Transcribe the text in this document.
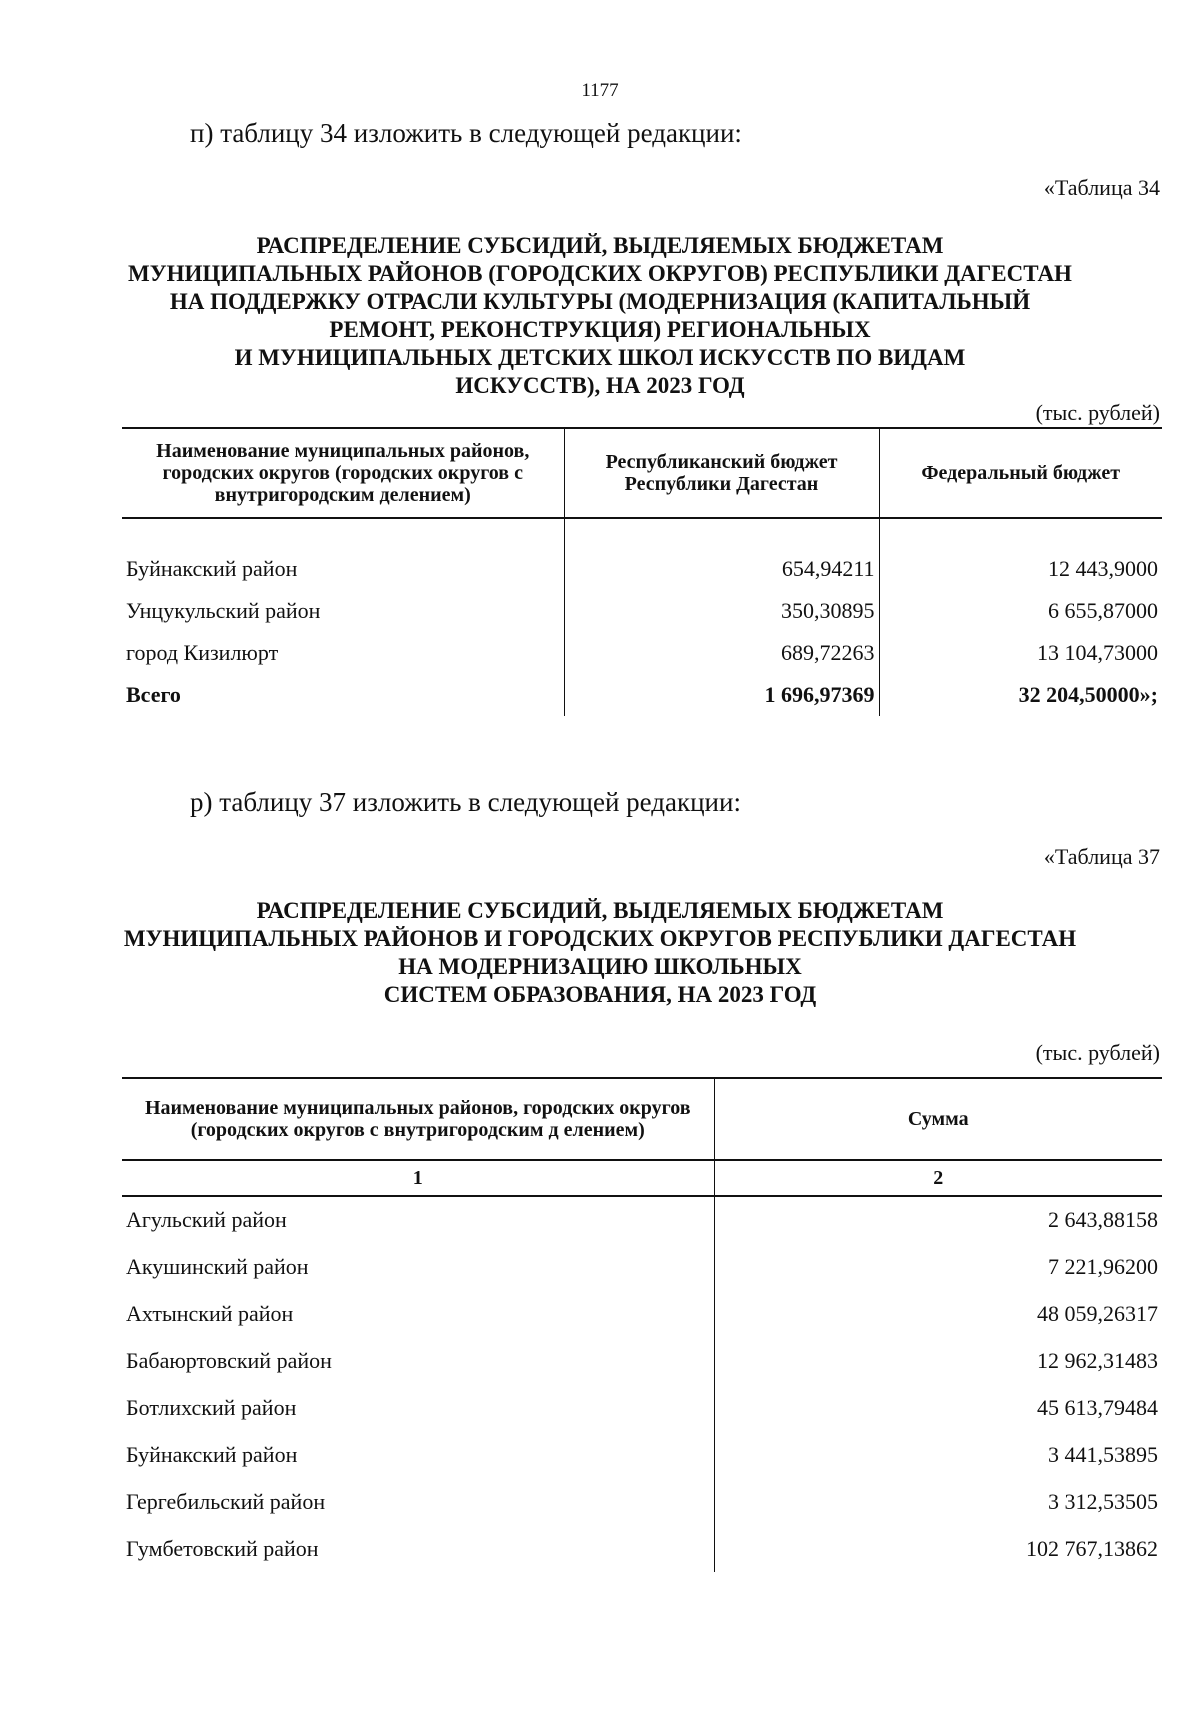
1177
п) таблицу 34 изложить в следующей редакции:
«Таблица 34
РАСПРЕДЕЛЕНИЕ СУБСИДИЙ, ВЫДЕЛЯЕМЫХ БЮДЖЕТАМ
МУНИЦИПАЛЬНЫХ РАЙОНОВ (ГОРОДСКИХ ОКРУГОВ) РЕСПУБЛИКИ ДАГЕСТАН
НА ПОДДЕРЖКУ ОТРАСЛИ КУЛЬТУРЫ (МОДЕРНИЗАЦИЯ (КАПИТАЛЬНЫЙ
РЕМОНТ, РЕКОНСТРУКЦИЯ) РЕГИОНАЛЬНЫХ
И МУНИЦИПАЛЬНЫХ ДЕТСКИХ ШКОЛ ИСКУССТВ ПО ВИДАМ
ИСКУССТВ), НА 2023 ГОД
(тыс. рублей)
Наименование муниципальных районов, городских округов (городских округов с внутригородским делением)	Республиканский бюджет Республики Дагестан	Федеральный бюджет

Буйнакский район	654,94211	12 443,9000
Унцукульский район	350,30895	6 655,87000
город Кизилюрт	689,72263	13 104,73000
Всего	1 696,97369	32 204,50000»;
р) таблицу 37 изложить в следующей редакции:
«Таблица 37
РАСПРЕДЕЛЕНИЕ СУБСИДИЙ, ВЫДЕЛЯЕМЫХ БЮДЖЕТАМ
МУНИЦИПАЛЬНЫХ РАЙОНОВ И ГОРОДСКИХ ОКРУГОВ РЕСПУБЛИКИ ДАГЕСТАН
НА МОДЕРНИЗАЦИЮ ШКОЛЬНЫХ
СИСТЕМ ОБРАЗОВАНИЯ, НА 2023 ГОД
(тыс. рублей)
Наименование муниципальных районов, городских округов (городских округов с внутригородским д елением)	Сумма
1	2
Агульский район	2 643,88158
Акушинский район	7 221,96200
Ахтынский район	48 059,26317
Бабаюртовский район	12 962,31483
Ботлихский район	45 613,79484
Буйнакский район	3 441,53895
Гергебильский район	3 312,53505
Гумбетовский район	102 767,13862
